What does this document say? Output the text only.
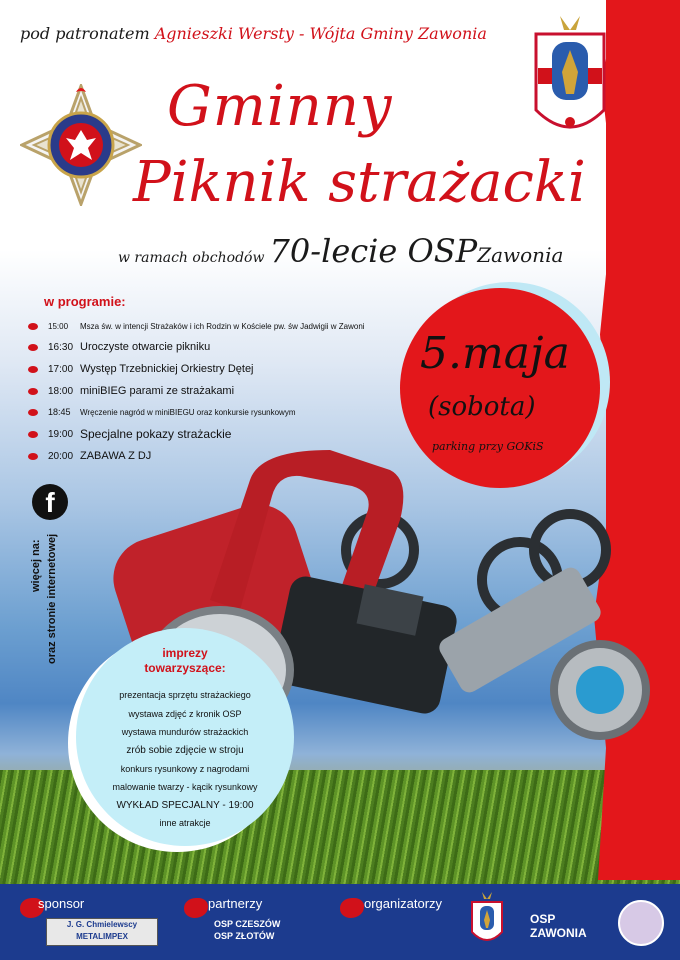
pod patronatem Agnieszki Wersty - Wójta Gminy Zawonia
Gminny
Piknik strażacki
w ramach obchodów 70-lecie OSPZawonia
w programie:
15:00	Msza św. w intencji Strażaków i ich Rodzin w Kościele pw. św Jadwigii w Zawoni
16:30 Uroczyste otwarcie pikniku
17:00 Występ Trzebnickiej Orkiestry Dętej
18:00 miniBIEG parami ze strażakami
18:45	Wręczenie nagród w miniBIEGU oraz konkursie rysunkowym
19:00 Specjalne pokazy strażackie
20:00 ZABAWA Z DJ
5.maja
(sobota)
parking przy GOKiS
f
więcej na: oraz stronie internetowej	imprezy
towarzyszące:
prezentacja sprzętu strażackiego
wystawa zdjęć z kronik OSP
wystawa mundurów strażackich
zrób sobie zdjęcie w stroju
konkurs rysunkowy z nagrodami
malowanie twarzy - kącik rysunkowy
WYKŁAD SPECJALNY - 19:00
inne atrakcje
sponsor
J. G. Chmielewscy
METALIMPEX
partnerzy
OSP CZESZÓW
OSP ZŁOTÓW
organizatorzy
OSP
ZAWONIA
